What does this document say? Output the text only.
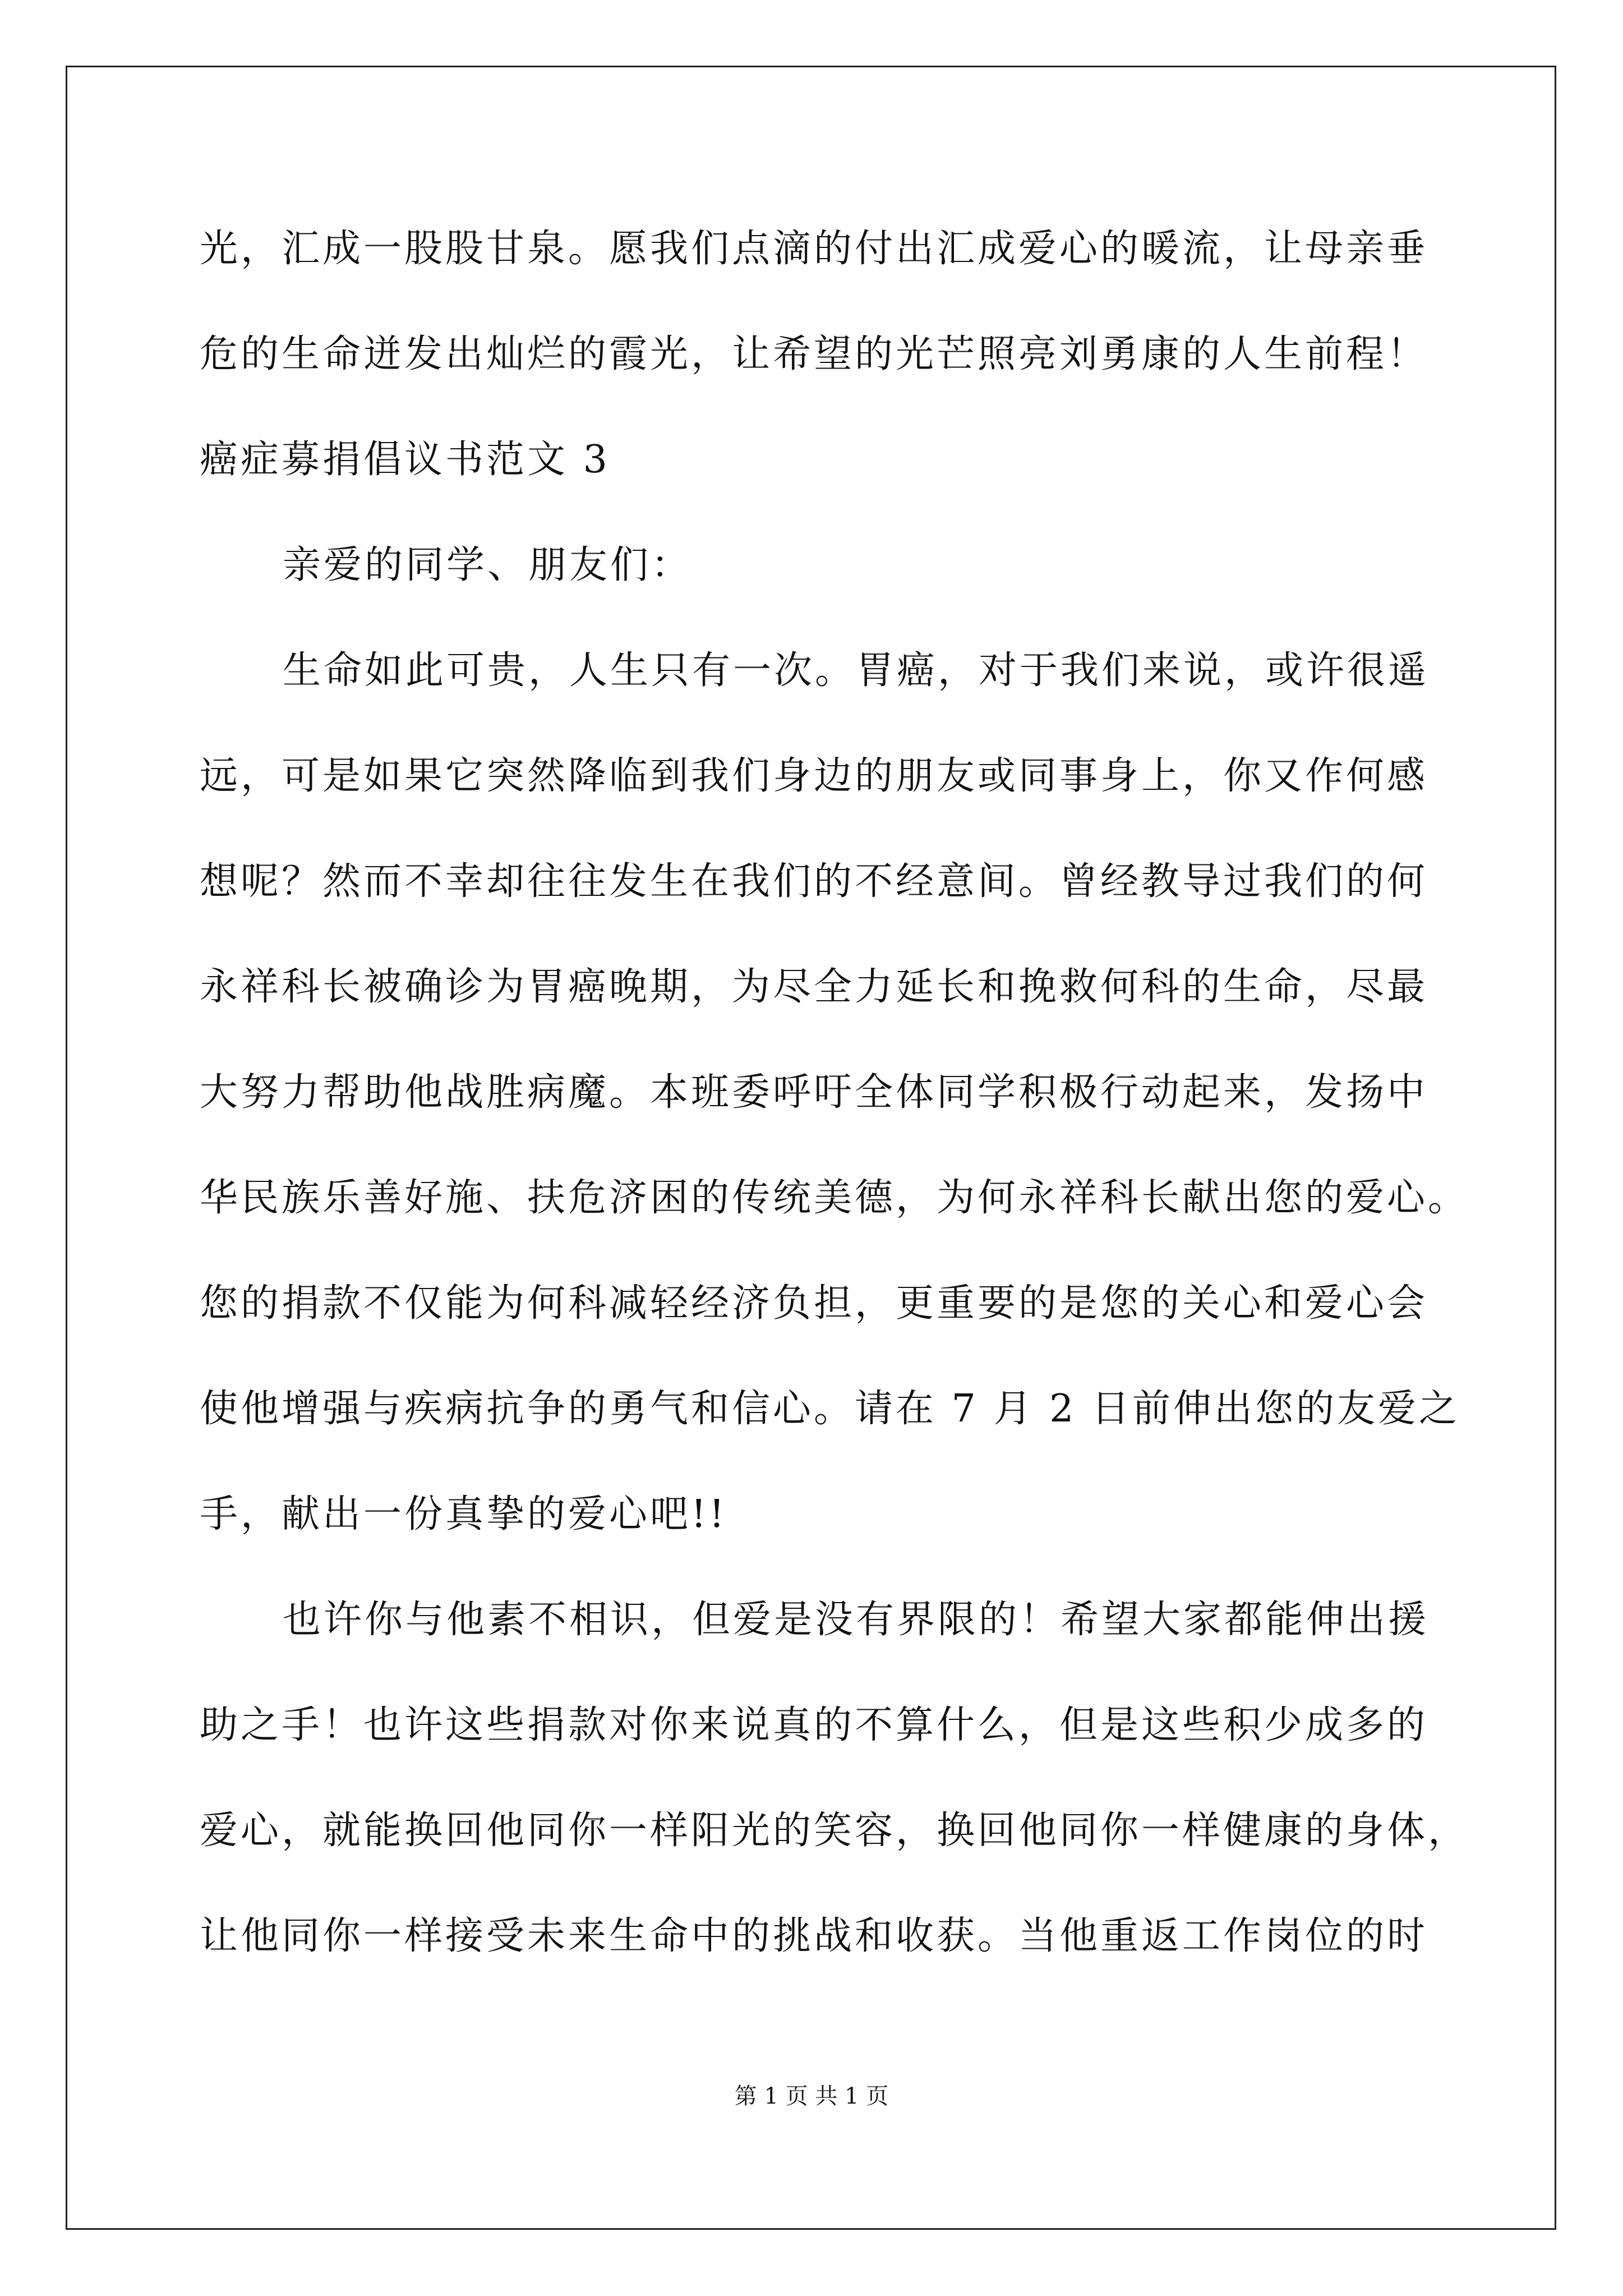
光，汇成一股股甘泉。愿我们点滴的付出汇成爱心的暖流，让母亲垂
危的生命迸发出灿烂的霞光，让希望的光芒照亮刘勇康的人生前程！
癌症募捐倡议书范文 3
亲爱的同学、朋友们：
生命如此可贵，人生只有一次。胃癌，对于我们来说，或许很遥
远，可是如果它突然降临到我们身边的朋友或同事身上，你又作何感
想呢？然而不幸却往往发生在我们的不经意间。曾经教导过我们的何
永祥科长被确诊为胃癌晚期，为尽全力延长和挽救何科的生命，尽最
大努力帮助他战胜病魔。本班委呼吁全体同学积极行动起来，发扬中
华民族乐善好施、扶危济困的传统美德，为何永祥科长献出您的爱心。
您的捐款不仅能为何科减轻经济负担，更重要的是您的关心和爱心会
使他增强与疾病抗争的勇气和信心。请在 7 月 2 日前伸出您的友爱之
手，献出一份真挚的爱心吧!!
也许你与他素不相识，但爱是没有界限的！希望大家都能伸出援
助之手！也许这些捐款对你来说真的不算什么，但是这些积少成多的
爱心，就能换回他同你一样阳光的笑容，换回他同你一样健康的身体，
让他同你一样接受未来生命中的挑战和收获。当他重返工作岗位的时
第 1 页 共 1 页
